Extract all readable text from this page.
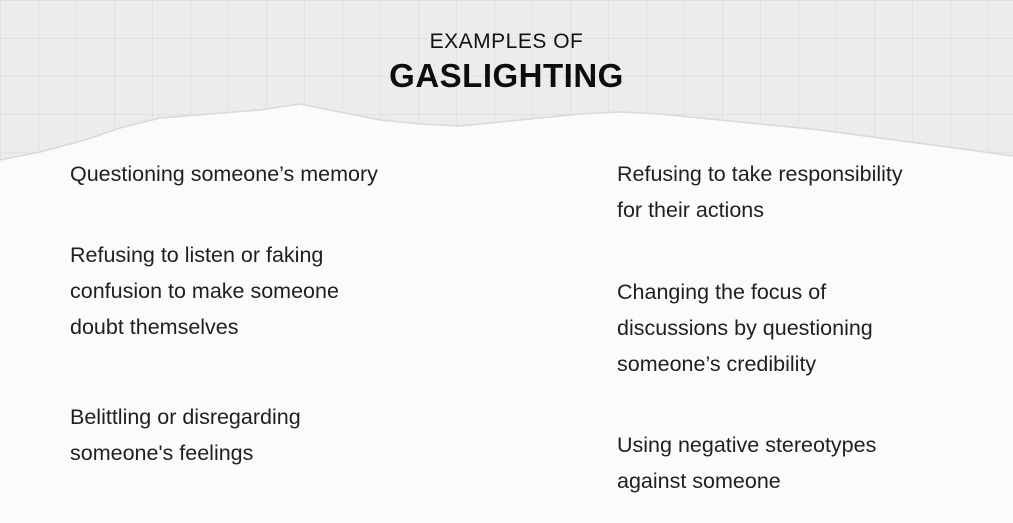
EXAMPLES OF
GASLIGHTING
Questioning someone’s memory
Refusing to listen or faking
confusion to make someone
doubt themselves
Belittling or disregarding
someone's feelings
Refusing to take responsibility
for their actions
Changing the focus of
discussions by questioning
someone’s credibility
Using negative stereotypes
against someone
